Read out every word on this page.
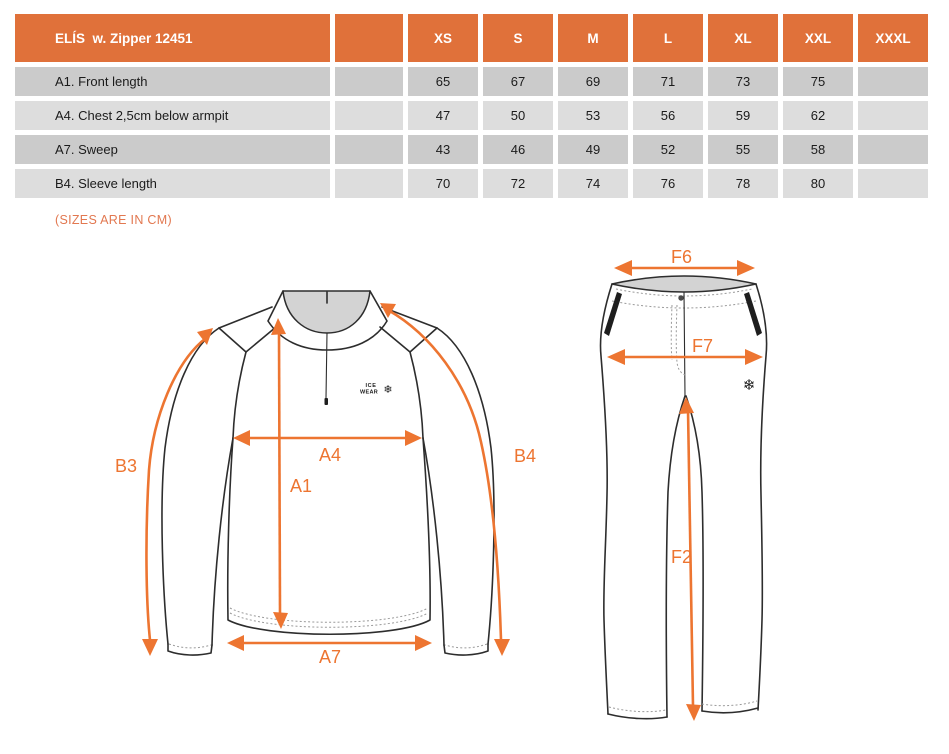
ELÍS  w. Zipper 12451	XS	S	M	L	XL	XXL	XXXL
A1. Front length	65	67	69	71	73	75
A4. Chest 2,5cm below armpit	47	50	53	56	59	62
A7. Sweep	43	46	49	52	55	58
B4. Sleeve length	70	72	74	76	78	80
(SIZES ARE IN CM)
ICE
WEAR ❄
A4
A1
A7
B3	B4
❄
F6
F7
F2
